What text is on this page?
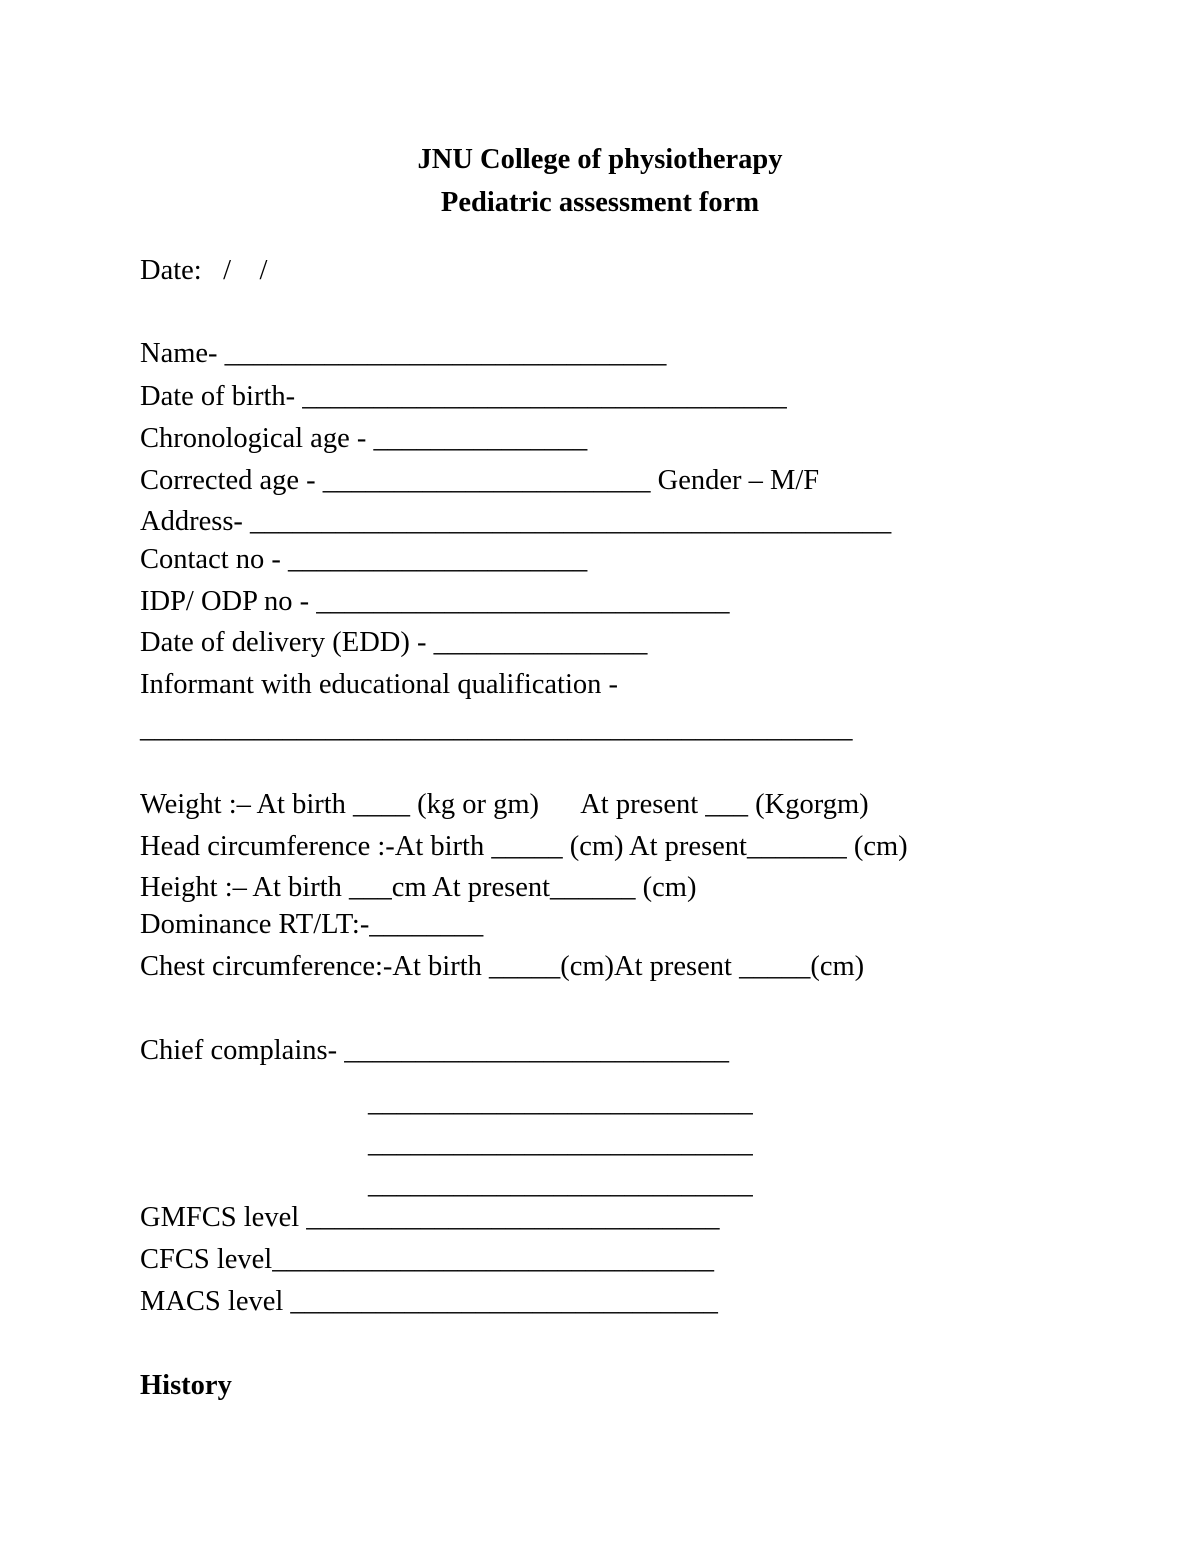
JNU College of physiotherapy
Pediatric assessment form
Date:   /    /
Name- _______________________________
Date of birth- __________________________________
Chronological age - _______________
Corrected age - _______________________ Gender – M/F
Address- _____________________________________________
Contact no - _____________________
IDP/ ODP no - _____________________________
Date of delivery (EDD) - _______________
Informant with educational qualification -
__________________________________________________
Weight :– At birth ____ (kg or gm)      At present ___ (Kgorgm)
Head circumference :-At birth _____ (cm) At present_______ (cm)
Height :– At birth ___cm At present______ (cm)
Dominance RT/LT:-________
Chest circumference:-At birth _____(cm)At present _____(cm)
Chief complains- ___________________________
___________________________
___________________________
___________________________
GMFCS level _____________________________
CFCS level_______________________________
MACS level ______________________________
History
